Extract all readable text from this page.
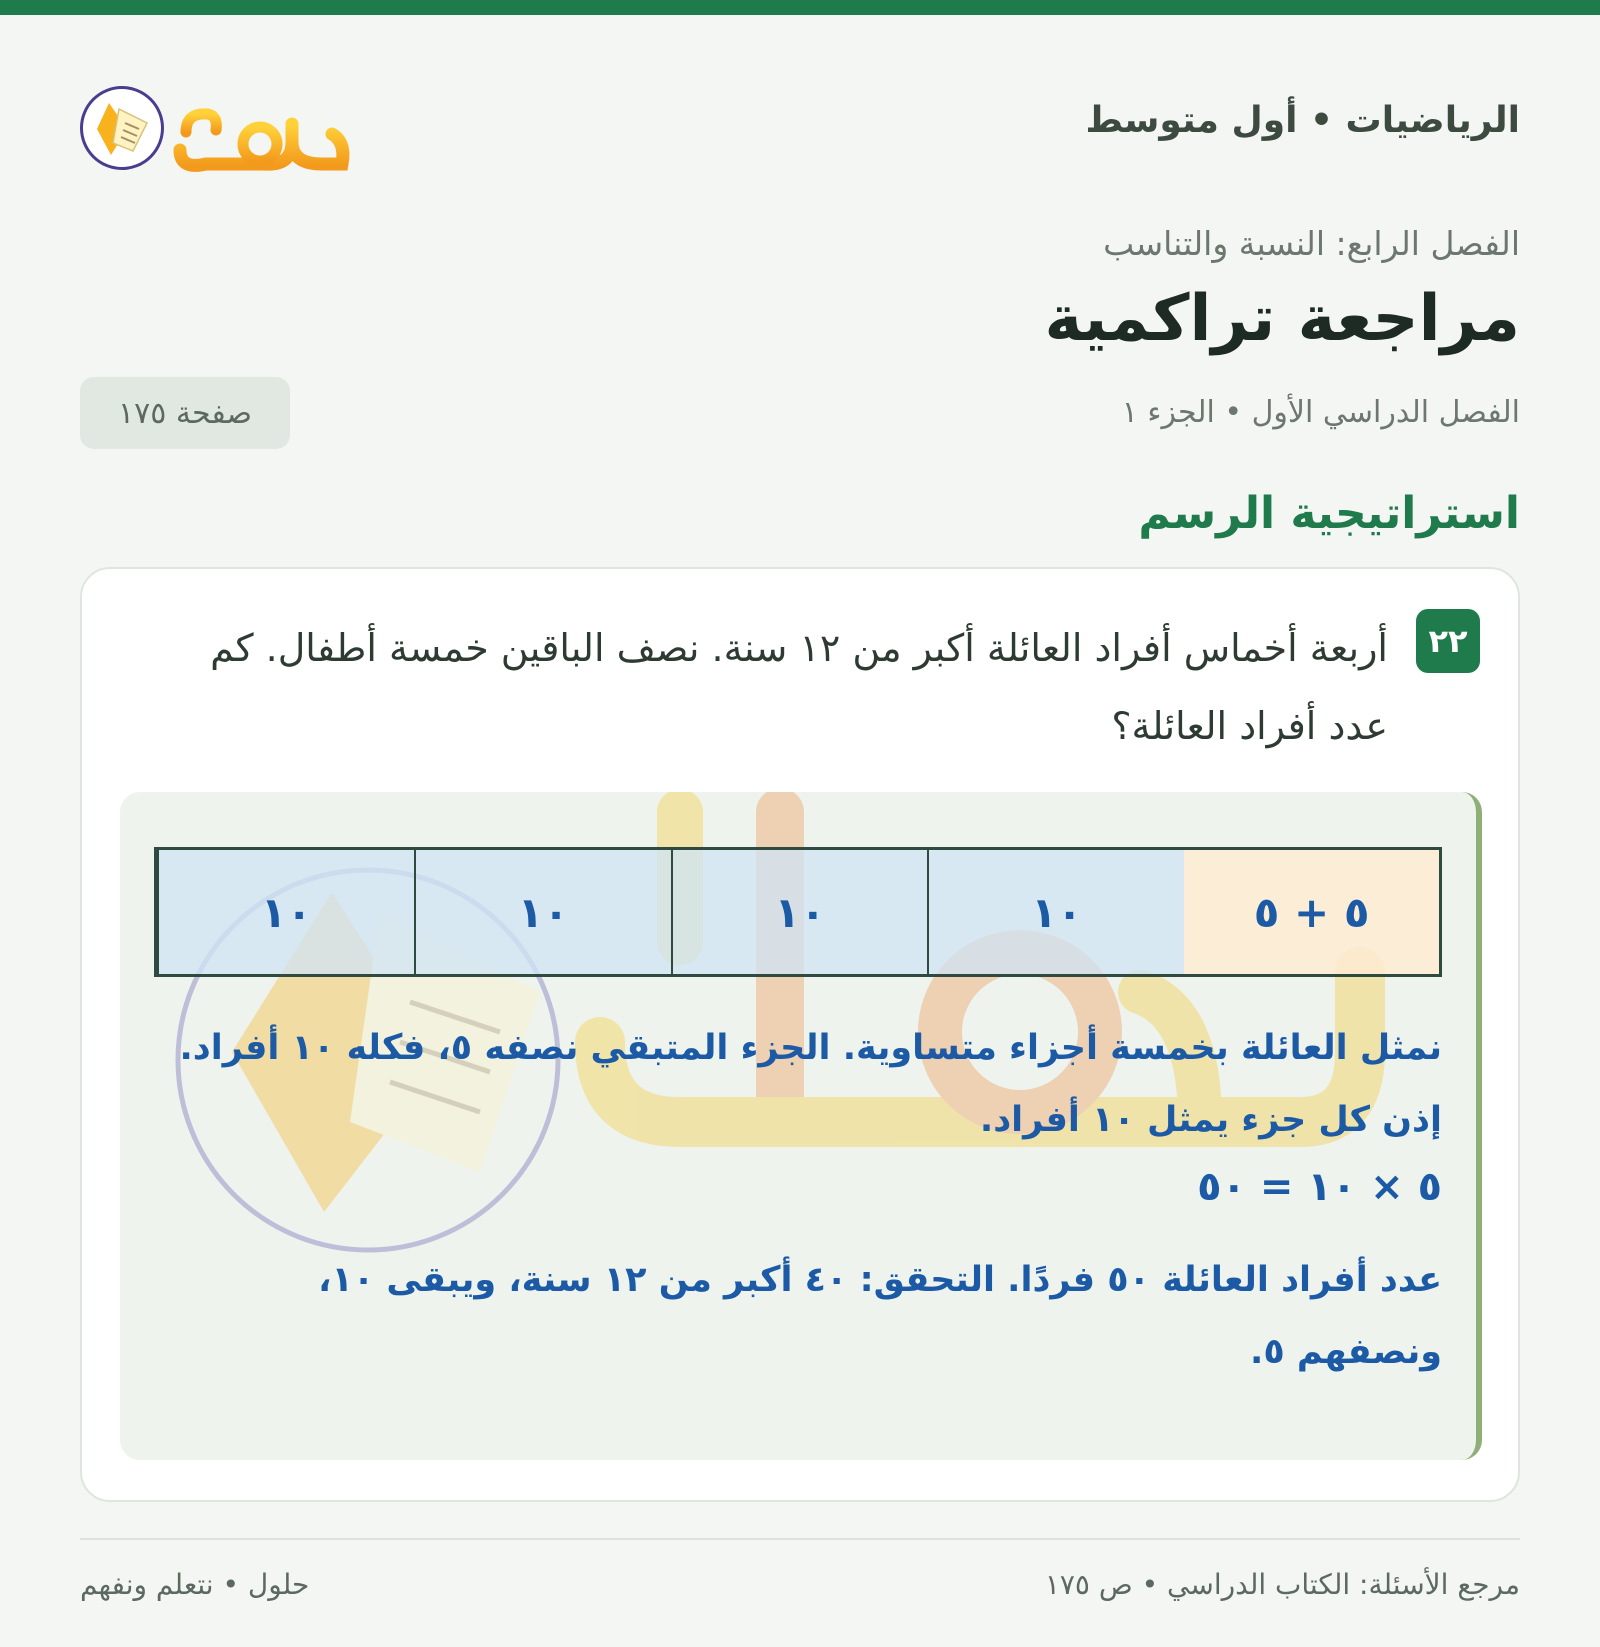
الرياضيات • أول متوسط
الفصل الرابع: النسبة والتناسب
مراجعة تراكمية
الفصل الدراسي الأول • الجزء ١
صفحة ١٧٥
استراتيجية الرسم
٢٢
أربعة أخماس أفراد العائلة أكبر من ١٢ سنة. نصف الباقين خمسة أطفال. كم عدد أفراد العائلة؟
١٠	١٠	١٠	١٠	٥ + ٥
نمثل العائلة بخمسة أجزاء متساوية. الجزء المتبقي نصفه ٥، فكله ١٠ أفراد. إذن كل جزء يمثل ١٠ أفراد.
٥ × ١٠ = ٥٠
عدد أفراد العائلة ٥٠ فردًا. التحقق: ٤٠ أكبر من ١٢ سنة، ويبقى ١٠، ونصفهم ٥.
مرجع الأسئلة: الكتاب الدراسي • ص ١٧٥
حلول • نتعلم ونفهم
